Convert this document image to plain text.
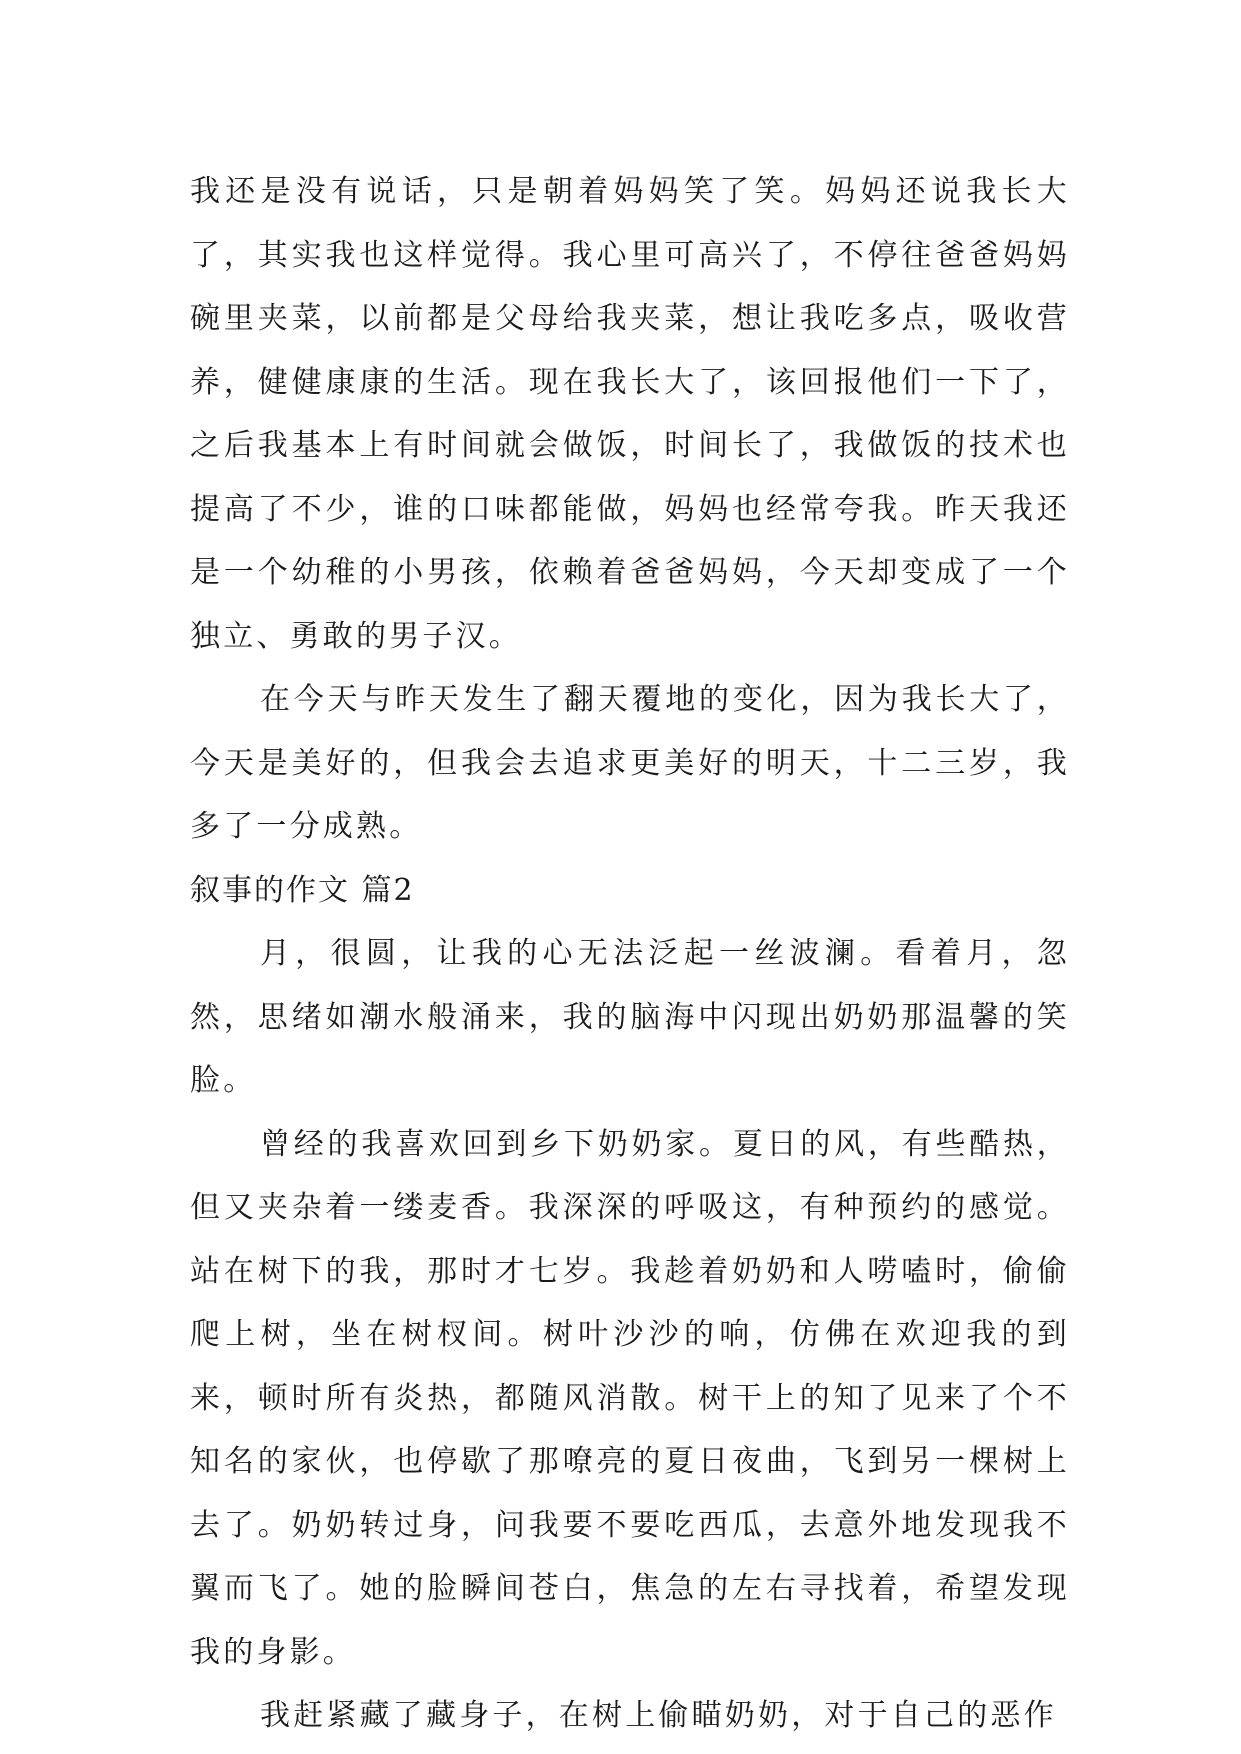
我还是没有说话，只是朝着妈妈笑了笑。妈妈还说我长大了，其实我也这样觉得。我心里可高兴了，不停往爸爸妈妈碗里夹菜，以前都是父母给我夹菜，想让我吃多点，吸收营养，健健康康的生活。现在我长大了，该回报他们一下了，之后我基本上有时间就会做饭，时间长了，我做饭的技术也提高了不少，谁的口味都能做，妈妈也经常夸我。昨天我还是一个幼稚的小男孩，依赖着爸爸妈妈，今天却变成了一个独立、勇敢的男子汉。

在今天与昨天发生了翻天覆地的变化，因为我长大了，今天是美好的，但我会去追求更美好的明天，十二三岁，我多了一分成熟。

叙事的作文 篇2

月，很圆，让我的心无法泛起一丝波澜。看着月，忽然，思绪如潮水般涌来，我的脑海中闪现出奶奶那温馨的笑脸。

曾经的我喜欢回到乡下奶奶家。夏日的风，有些酷热，但又夹杂着一缕麦香。我深深的呼吸这，有种预约的感觉。站在树下的我，那时才七岁。我趁着奶奶和人唠嗑时，偷偷爬上树，坐在树杈间。树叶沙沙的响，仿佛在欢迎我的到来，顿时所有炎热，都随风消散。树干上的知了见来了个不知名的家伙，也停歇了那嘹亮的夏日夜曲，飞到另一棵树上去了。奶奶转过身，问我要不要吃西瓜，去意外地发现我不翼而飞了。她的脸瞬间苍白，焦急的左右寻找着，希望发现我的身影。

我赶紧藏了藏身子，在树上偷瞄奶奶，对于自己的恶作
